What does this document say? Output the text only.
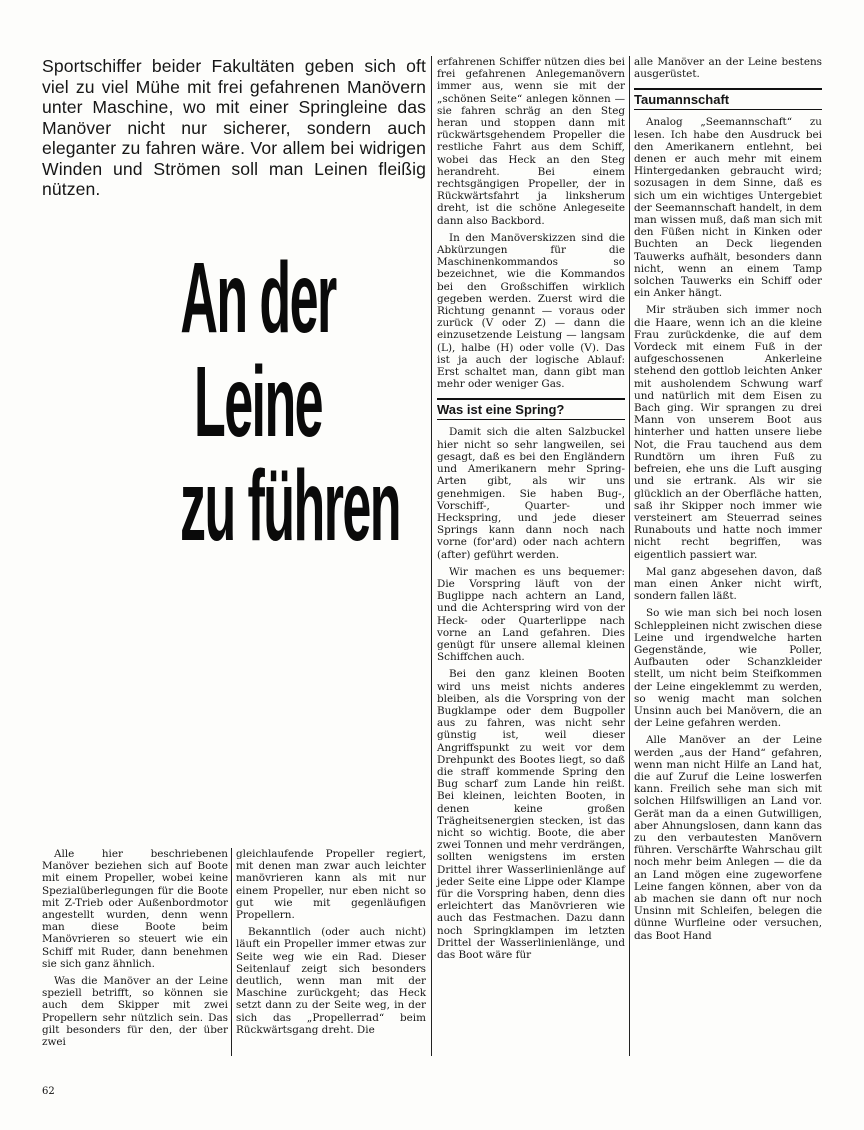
Sportschiffer beider Fakultäten geben sich oft viel zu viel Mühe mit frei gefahrenen Manövern unter Maschine, wo mit einer Springleine das Manöver nicht nur sicherer, sondern auch eleganter zu fahren wäre. Vor allem bei widrigen Winden und Strömen soll man Leinen fleißig nützen.
An der
Leine
zu führen

Alle hier beschriebenen Manöver beziehen sich auf Boote mit einem Propeller, wobei keine Spezialüberlegungen für die Boote mit Z-Trieb oder Außenbordmotor angestellt wurden, denn wenn man diese Boote beim Manövrieren so steuert wie ein Schiff mit Ruder, dann benehmen sie sich ganz ähnlich.

Was die Manöver an der Leine speziell betrifft, so können sie auch dem Skipper mit zwei Propellern sehr nützlich sein. Das gilt besonders für den, der über zwei

gleichlaufende Propeller regiert, mit denen man zwar auch leichter manövrieren kann als mit nur einem Propeller, nur eben nicht so gut wie mit gegenläufigen Propellern.

Bekanntlich (oder auch nicht) läuft ein Propeller immer etwas zur Seite weg wie ein Rad. Dieser Seitenlauf zeigt sich besonders deutlich, wenn man mit der Maschine zurückgeht; das Heck setzt dann zu der Seite weg, in der sich das „Propellerrad“ beim Rückwärtsgang dreht. Die

erfahrenen Schiffer nützen dies bei frei gefahrenen Anlegemanövern immer aus, wenn sie mit der „schönen Seite“ anlegen können — sie fahren schräg an den Steg heran und stoppen dann mit rückwärtsgehendem Propeller die restliche Fahrt aus dem Schiff, wobei das Heck an den Steg herandreht. Bei einem rechtsgängigen Propeller, der in Rückwärtsfahrt ja linksherum dreht, ist die schöne Anlegeseite dann also Backbord.

In den Manöverskizzen sind die Abkürzungen für die Maschinenkommandos so bezeichnet, wie die Kommandos bei den Großschiffen wirklich gegeben werden. Zuerst wird die Richtung genannt — voraus oder zurück (V oder Z) — dann die einzusetzende Leistung — langsam (L), halbe (H) oder volle (V). Das ist ja auch der logische Ablauf: Erst schaltet man, dann gibt man mehr oder weniger Gas.

Was ist eine Spring?

Damit sich die alten Salzbuckel hier nicht so sehr langweilen, sei gesagt, daß es bei den Engländern und Amerikanern mehr Spring-Arten gibt, als wir uns genehmigen. Sie haben Bug-, Vorschiff-, Quarter- und Heckspring, und jede dieser Springs kann dann noch nach vorne (for'ard) oder nach achtern (after) geführt werden.

Wir machen es uns bequemer: Die Vorspring läuft von der Buglippe nach achtern an Land, und die Achterspring wird von der Heck- oder Quarterlippe nach vorne an Land gefahren. Dies genügt für unsere allemal kleinen Schiffchen auch.

Bei den ganz kleinen Booten wird uns meist nichts anderes bleiben, als die Vorspring von der Bugklampe oder dem Bugpoller aus zu fahren, was nicht sehr günstig ist, weil dieser Angriffspunkt zu weit vor dem Drehpunkt des Bootes liegt, so daß die straff kommende Spring den Bug scharf zum Lande hin reißt. Bei kleinen, leichten Booten, in denen keine großen Trägheitsenergien stecken, ist das nicht so wichtig. Boote, die aber zwei Tonnen und mehr verdrängen, sollten wenigstens im ersten Drittel ihrer Wasserlinienlänge auf jeder Seite eine Lippe oder Klampe für die Vorspring haben, denn dies erleichtert das Manövrieren wie auch das Festmachen. Dazu dann noch Springklampen im letzten Drittel der Wasserlinienlänge, und das Boot wäre für

alle Manöver an der Leine bestens ausgerüstet.

Taumannschaft

Analog „Seemannschaft“ zu lesen. Ich habe den Ausdruck bei den Amerikanern entlehnt, bei denen er auch mehr mit einem Hintergedanken gebraucht wird; sozusagen in dem Sinne, daß es sich um ein wichtiges Untergebiet der Seemannschaft handelt, in dem man wissen muß, daß man sich mit den Füßen nicht in Kinken oder Buchten an Deck liegenden Tauwerks aufhält, besonders dann nicht, wenn an einem Tamp solchen Tauwerks ein Schiff oder ein Anker hängt.

Mir sträuben sich immer noch die Haare, wenn ich an die kleine Frau zurückdenke, die auf dem Vordeck mit einem Fuß in der aufgeschossenen Ankerleine stehend den gottlob leichten Anker mit ausholendem Schwung warf und natürlich mit dem Eisen zu Bach ging. Wir sprangen zu drei Mann von unserem Boot aus hinterher und hatten unsere liebe Not, die Frau tauchend aus dem Rundtörn um ihren Fuß zu befreien, ehe uns die Luft ausging und sie ertrank. Als wir sie glücklich an der Oberfläche hatten, saß ihr Skipper noch immer wie versteinert am Steuerrad seines Runabouts und hatte noch immer nicht recht begriffen, was eigentlich passiert war.

Mal ganz abgesehen davon, daß man einen Anker nicht wirft, sondern fallen läßt.

So wie man sich bei noch losen Schleppleinen nicht zwischen diese Leine und irgendwelche harten Gegenstände, wie Poller, Aufbauten oder Schanzkleider stellt, um nicht beim Steifkommen der Leine eingeklemmt zu werden, so wenig macht man solchen Unsinn auch bei Manövern, die an der Leine gefahren werden.

Alle Manöver an der Leine werden „aus der Hand“ gefahren, wenn man nicht Hilfe an Land hat, die auf Zuruf die Leine loswerfen kann. Freilich sehe man sich mit solchen Hilfswilligen an Land vor. Gerät man da a einen Gutwilligen, aber Ahnungslosen, dann kann das zu den verbautesten Manövern führen. Verschärfte Wahrschau gilt noch mehr beim Anlegen — die da an Land mögen eine zugeworfene Leine fangen können, aber von da ab machen sie dann oft nur noch Unsinn mit Schleifen, belegen die dünne Wurfleine oder versuchen, das Boot Hand

62
